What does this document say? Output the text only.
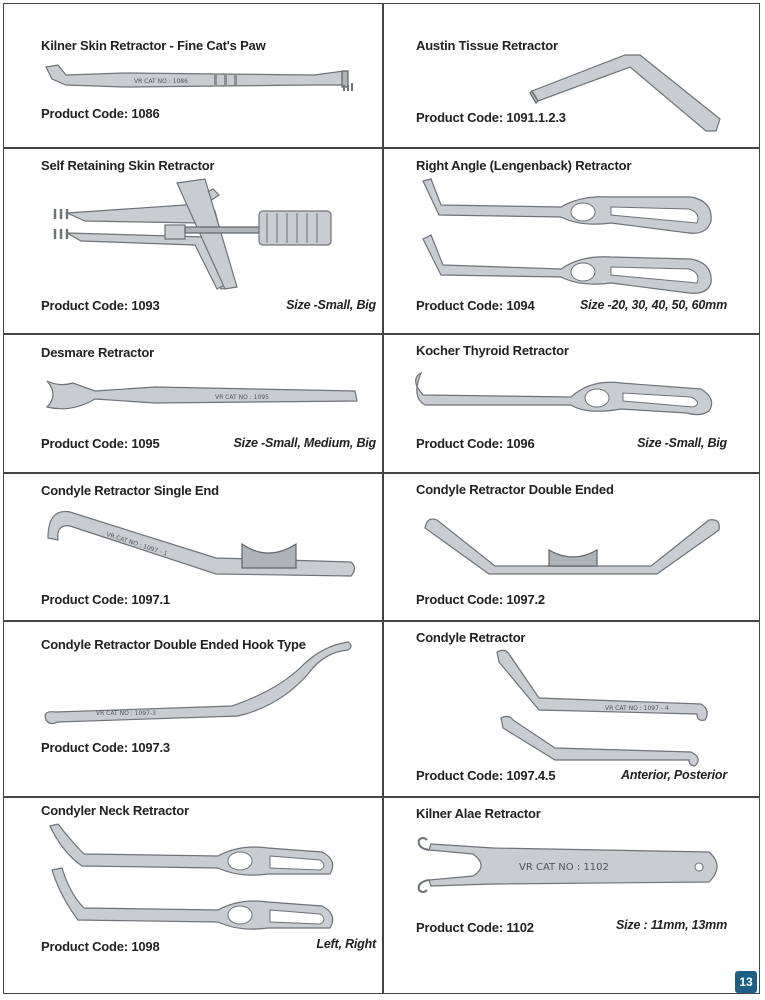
Kilner Skin Retractor - Fine Cat's Paw
VR CAT NO : 1086
Product Code: 1086
Austin Tissue Retractor
Product Code: 1091.1.2.3
Self Retaining Skin Retractor
Product Code: 1093	Size -Small, Big
Right Angle (Lengenback) Retractor
Product Code: 1094	Size -20, 30, 40, 50, 60mm
Desmare Retractor
VR CAT NO : 1095
Product Code: 1095	Size -Small, Medium, Big
Kocher Thyroid Retractor
Product Code: 1096	Size -Small, Big
Condyle Retractor Single End
VR CAT NO : 1097 - 1
Product Code: 1097.1
Condyle Retractor Double Ended
Product Code: 1097.2
Condyle Retractor Double Ended Hook Type
VR CAT NO : 1097-3
Product Code: 1097.3
Condyle Retractor
VR CAT NO : 1097 - 4
Product Code: 1097.4.5	Anterior, Posterior
Condyler Neck Retractor
Product Code: 1098	Left, Right
Kilner Alae Retractor
VR CAT NO : 1102
Product Code: 1102	Size : 11mm, 13mm
13
